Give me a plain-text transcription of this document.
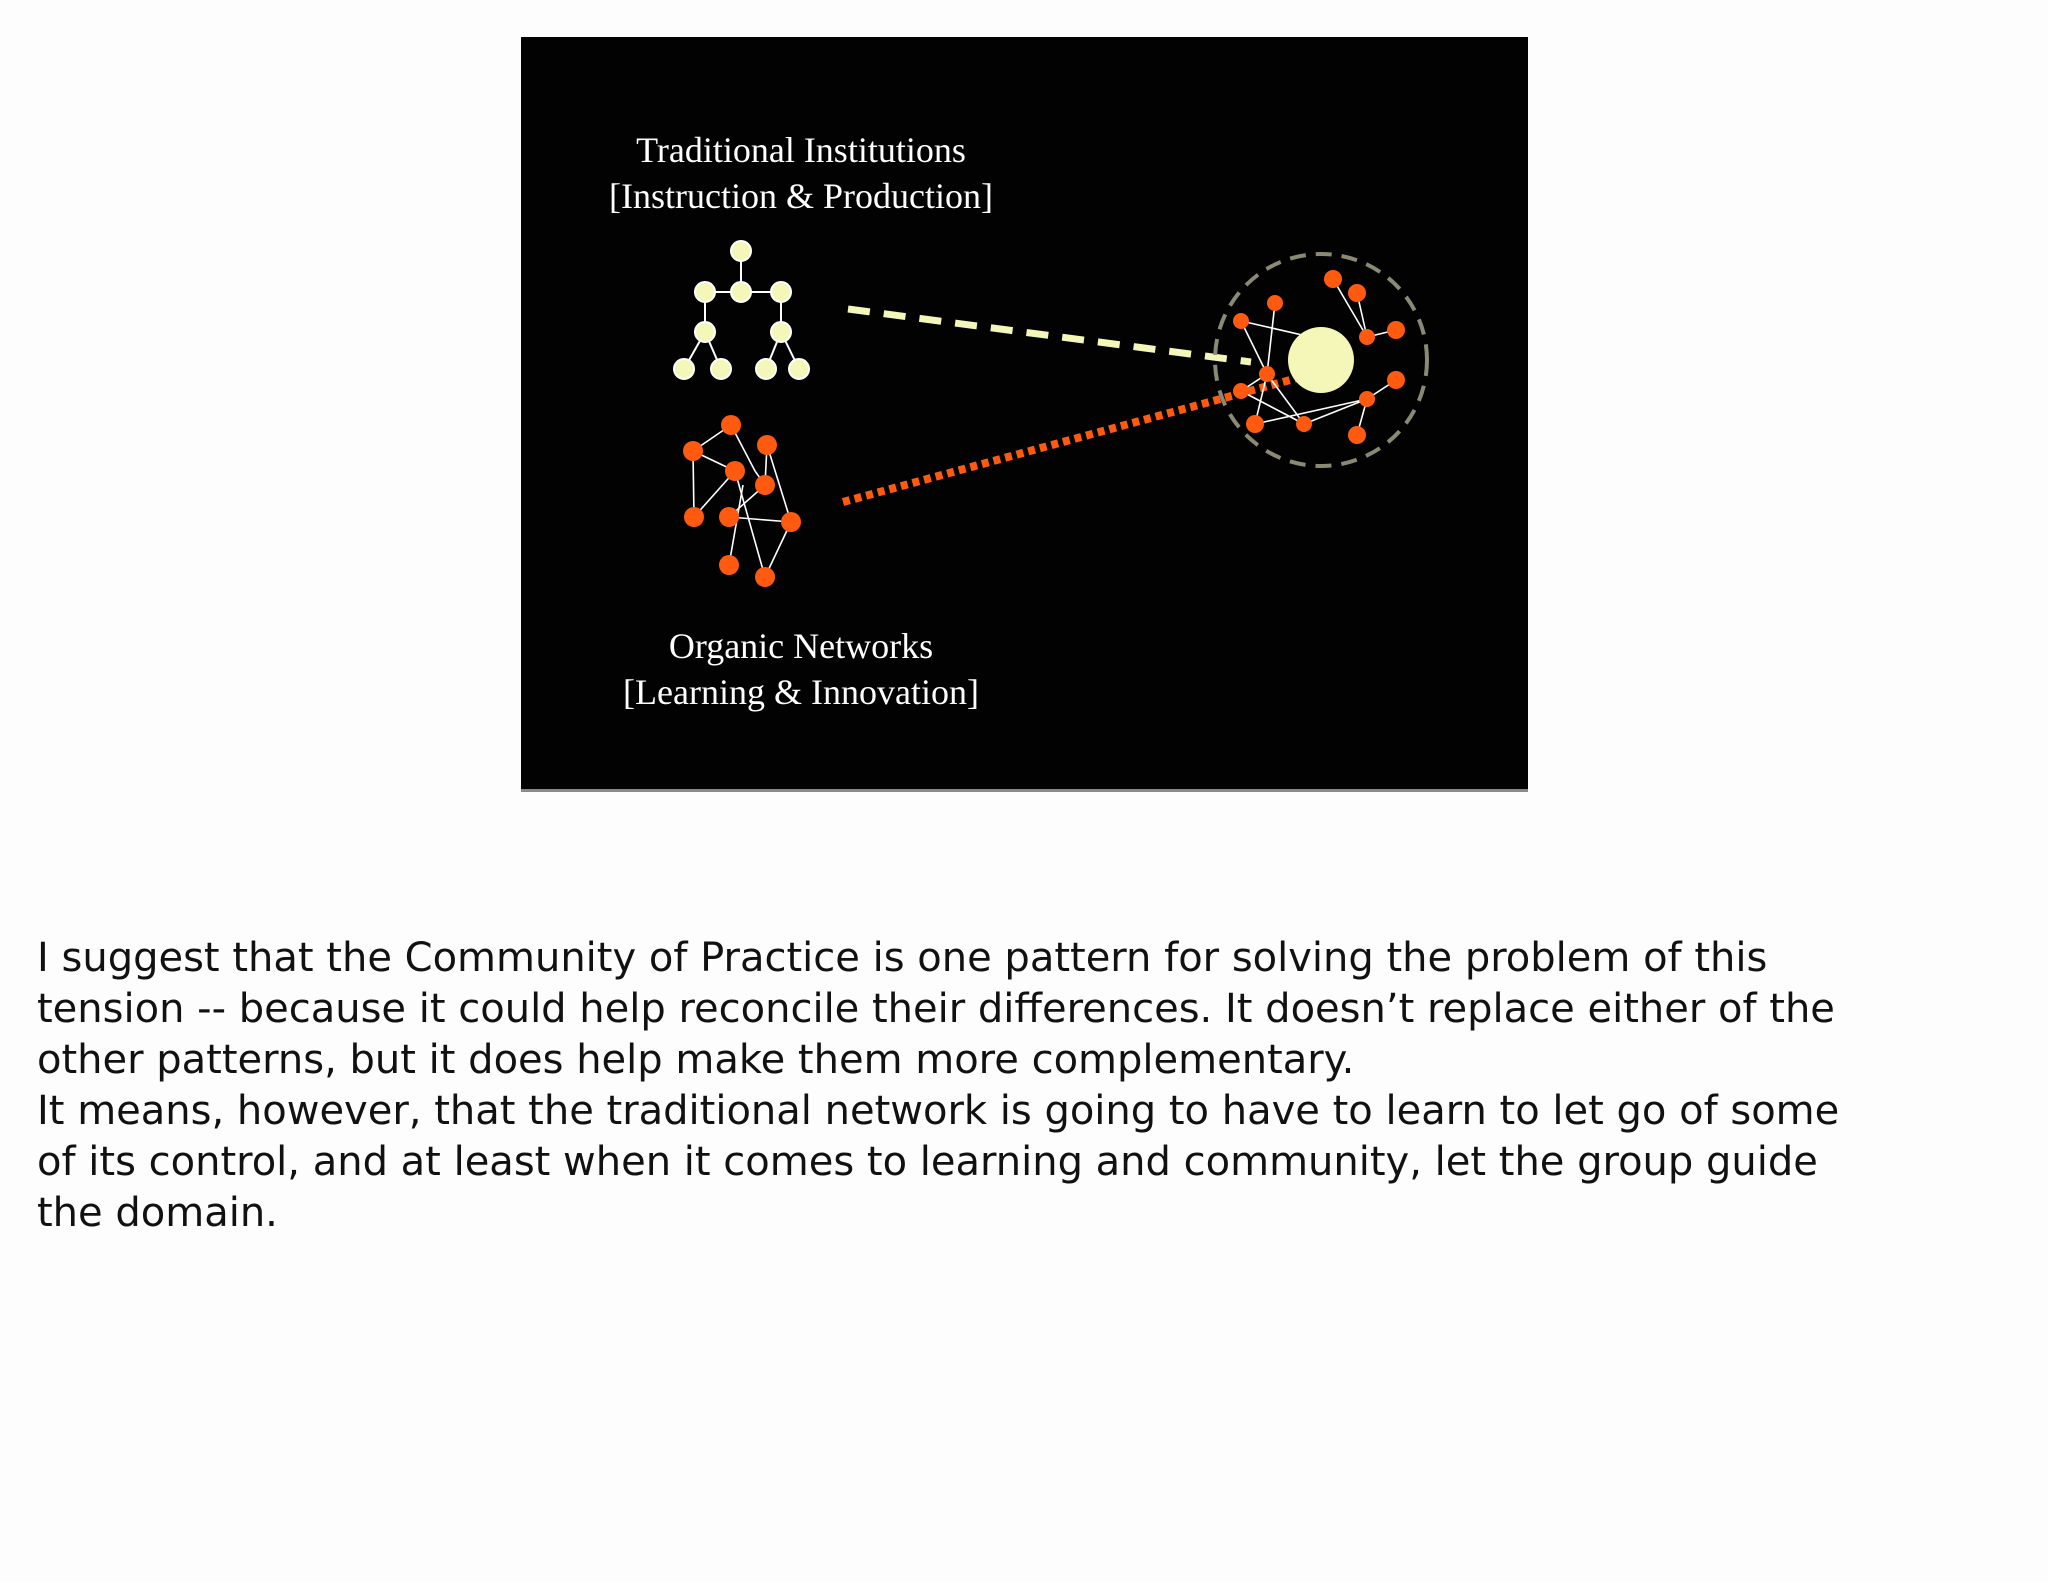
Traditional Institutions
[Instruction & Production]
Organic Networks
[Learning & Innovation]

I suggest that the Community of Practice is one pattern for solving the problem of this
tension -- because it could help reconcile their differences. It doesn’t replace either of the
other patterns, but it does help make them more complementary.

It means, however, that the traditional network is going to have to learn to let go of some
of its control, and at least when it comes to learning and community, let the group guide
the domain.
